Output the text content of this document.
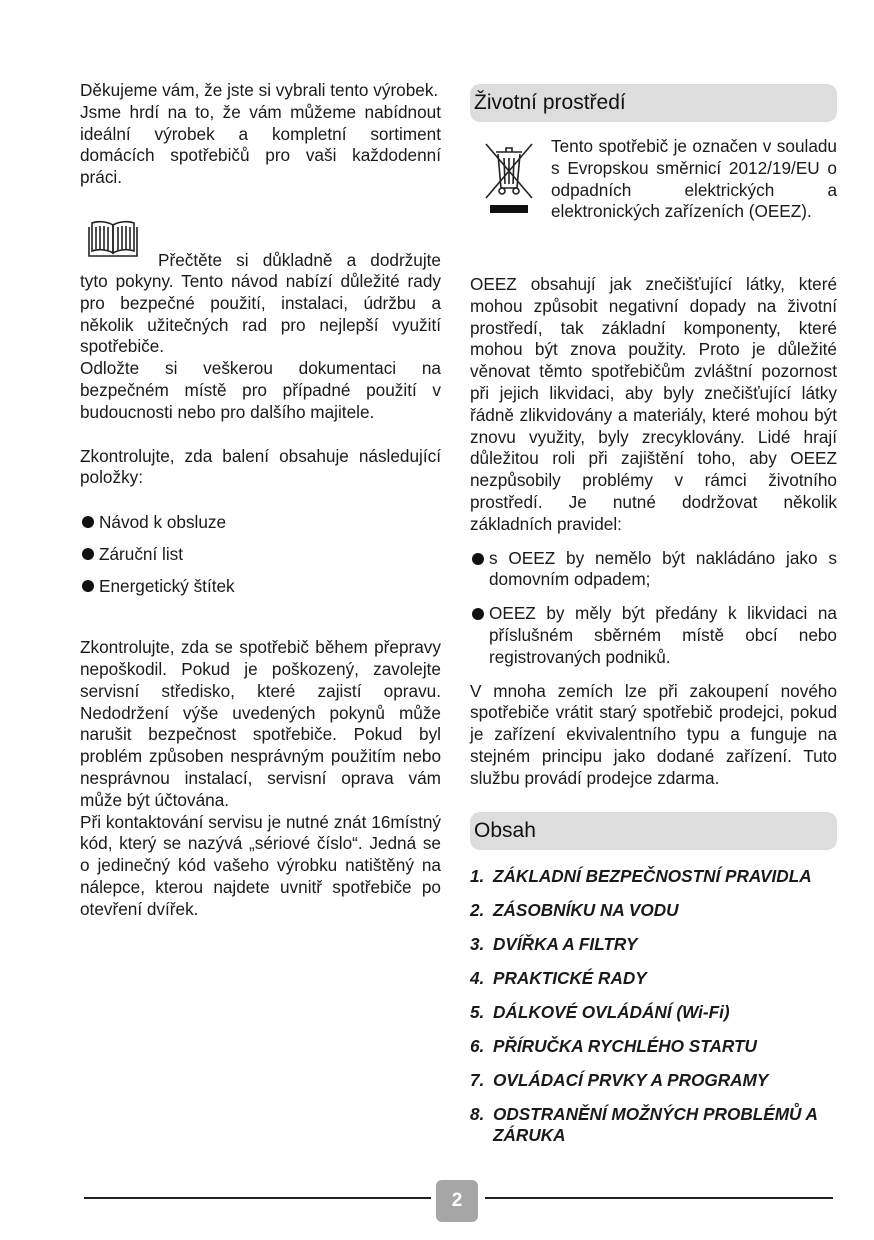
Děkujeme vám, že jste si vybrali tento výrobek.

Jsme hrdí na to, že vám můžeme nabídnout ideální výrobek a kompletní sortiment domácích spotřebičů pro vaši každodenní práci.

Přečtěte si důkladně a dodržujte

tyto pokyny. Tento návod nabízí důležité rady pro bezpečné použití, instalaci, údržbu a několik užitečných rad pro nejlepší využití spotřebiče.

Odložte si veškerou dokumentaci na bezpečném místě pro případné použití v budoucnosti nebo pro dalšího majitele.

Zkontrolujte, zda balení obsahuje následující položky:

Návod k obsluze
Záruční list
Energetický štítek

Zkontrolujte, zda se spotřebič během přepravy nepoškodil. Pokud je poškozený, zavolejte servisní středisko, které zajistí opravu. Nedodržení výše uvedených pokynů může narušit bezpečnost spotřebiče. Pokud byl problém způsoben nesprávným použitím nebo nesprávnou instalací, servisní oprava vám může být účtována.

Při kontaktování servisu je nutné znát 16místný kód, který se nazývá „sériové číslo“. Jedná se o jedinečný kód vašeho výrobku natištěný na nálepce, kterou najdete uvnitř spotřebiče po otevření dvířek.

Životní prostředí

Tento spotřebič je označen v souladu s Evropskou směrnicí 2012/19/EU o odpadních elektrických a elektronických zařízeních (OEEZ).

OEEZ obsahují jak znečišťující látky, které mohou způsobit negativní dopady na životní prostředí, tak základní komponenty, které mohou být znova použity. Proto je důležité věnovat těmto spotřebičům zvláštní pozornost při jejich likvidaci, aby byly znečišťující látky řádně zlikvidovány a materiály, které mohou být znovu využity, byly zrecyklovány. Lidé hrají důležitou roli při zajištění toho, aby OEEZ nezpůsobily problémy v rámci životního prostředí. Je nutné dodržovat několik základních pravidel:

s OEEZ by nemělo být nakládáno jako s domovním odpadem;
OEEZ by měly být předány k likvidaci na příslušném sběrném místě obcí nebo registrovaných podniků.

V mnoha zemích lze při zakoupení nového spotřebiče vrátit starý spotřebič prodejci, pokud je zařízení ekvivalentního typu a funguje na stejném principu jako dodané zařízení. Tuto službu provádí prodejce zdarma.

Obsah
1. ZÁKLADNÍ BEZPEČNOSTNÍ PRAVIDLA
2. ZÁSOBNÍKU NA VODU
3. DVÍŘKA A FILTRY
4. PRAKTICKÉ RADY
5. DÁLKOVÉ OVLÁDÁNÍ (Wi-Fi)
6. PŘÍRUČKA RYCHLÉHO STARTU
7. OVLÁDACÍ PRVKY A PROGRAMY
8. ODSTRANĚNÍ MOŽNÝCH PROBLÉMŮ A ZÁRUKA
2
